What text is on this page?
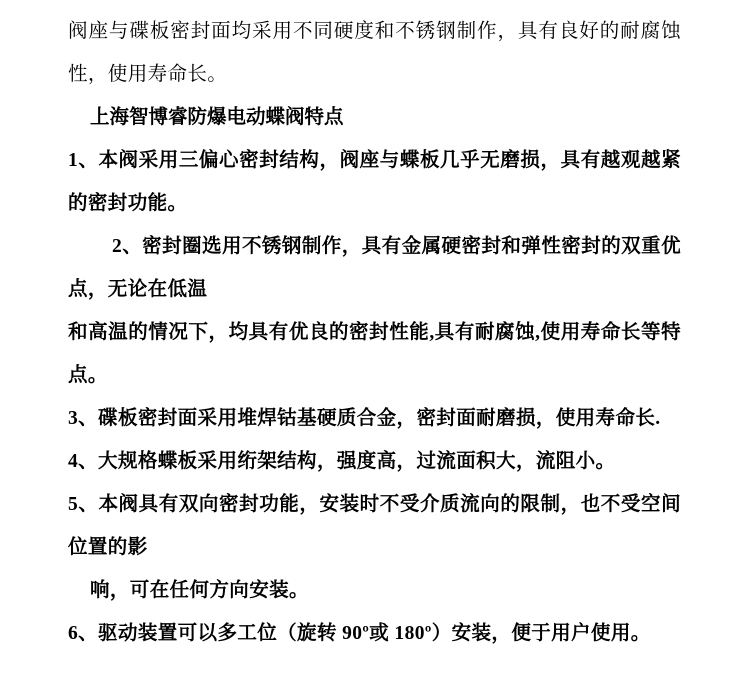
阀座与碟板密封面均采用不同硬度和不锈钢制作，具有良好的耐腐蚀性，使用寿命长。

上海智博睿防爆电动蝶阀特点

1、本阀采用三偏心密封结构，阀座与蝶板几乎无磨损，具有越观越紧的密封功能。

2、密封圈选用不锈钢制作，具有金属硬密封和弹性密封的双重优点，无论在低温

和高温的情况下，均具有优良的密封性能,具有耐腐蚀,使用寿命长等特点。

3、碟板密封面采用堆焊钴基硬质合金，密封面耐磨损，使用寿命长.

4、大规格蝶板采用绗架结构，强度高，过流面积大，流阻小。

5、本阀具有双向密封功能，安装时不受介质流向的限制，也不受空间位置的影

响，可在任何方向安装。

6、驱动装置可以多工位（旋转 90º或 180º）安装，便于用户使用。
